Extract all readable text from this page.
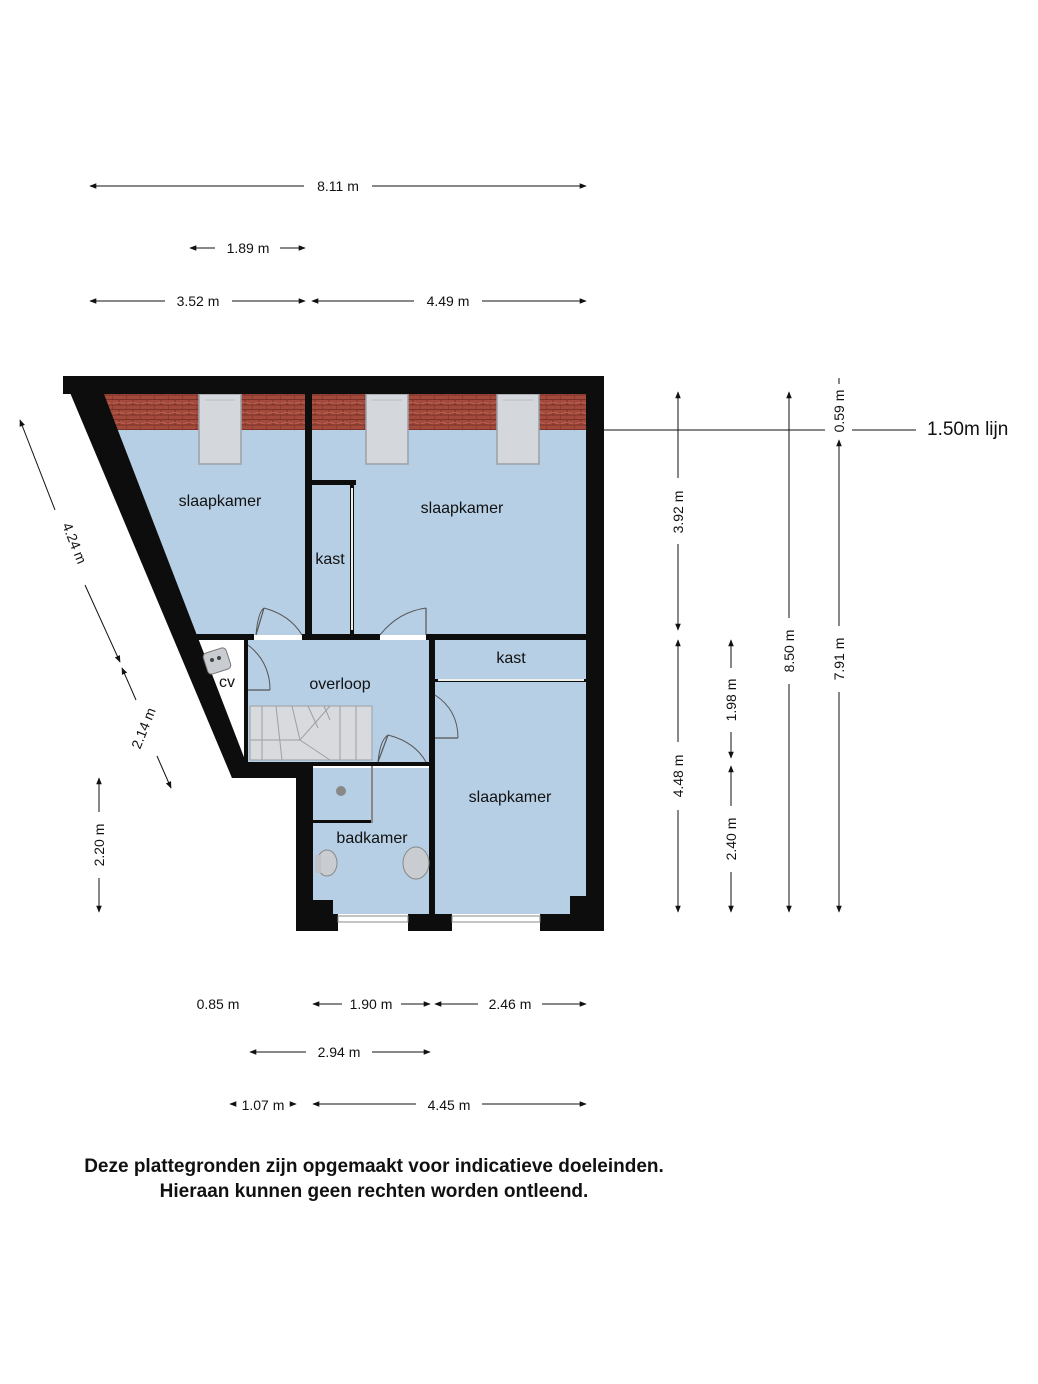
slaapkamer	slaapkamer
kast
overloop
cv
kast
slaapkamer
badkamer
8.11 m
1.89 m
3.52 m	4.49 m
4.24 m
2.14 m
2.20 m
3.92 m
4.48 m
1.98 m
2.40 m
8.50 m
0.59 m
7.91 m
1.50m lijn
0.85 m	1.90 m	2.46 m
2.94 m
1.07 m	4.45 m
Deze plattegronden zijn opgemaakt voor indicatieve doeleinden.
Hieraan kunnen geen rechten worden ontleend.
